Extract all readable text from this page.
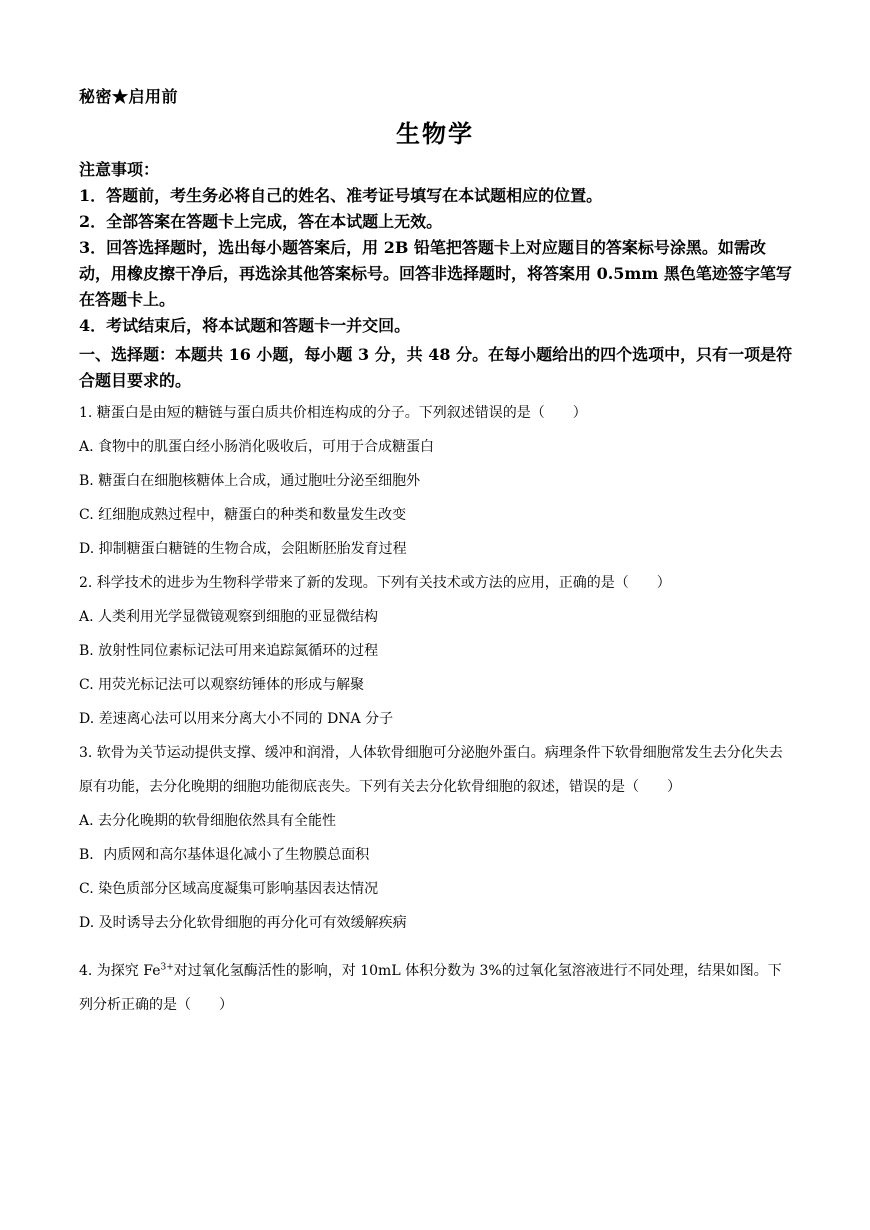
秘密★启用前
生物学

注意事项：

1．答题前，考生务必将自己的姓名、准考证号填写在本试题相应的位置。

2．全部答案在答题卡上完成，答在本试题上无效。

3．回答选择题时，选出每小题答案后，用 2B 铅笔把答题卡上对应题目的答案标号涂黑。如需改动，用橡皮擦干净后，再选涂其他答案标号。回答非选择题时，将答案用 0.5mm 黑色笔迹签字笔写在答题卡上。

4．考试结束后，将本试题和答题卡一并交回。

一、选择题：本题共 16 小题，每小题 3 分，共 48 分。在每小题给出的四个选项中，只有一项是符合题目要求的。

1. 糖蛋白是由短的糖链与蛋白质共价相连构成的分子。下列叙述错误的是（　　）

A. 食物中的肌蛋白经小肠消化吸收后，可用于合成糖蛋白

B. 糖蛋白在细胞核糖体上合成，通过胞吐分泌至细胞外

C. 红细胞成熟过程中，糖蛋白的种类和数量发生改变

D. 抑制糖蛋白糖链的生物合成，会阻断胚胎发育过程

2. 科学技术的进步为生物科学带来了新的发现。下列有关技术或方法的应用，正确的是（　　）

A. 人类利用光学显微镜观察到细胞的亚显微结构

B. 放射性同位素标记法可用来追踪氮循环的过程

C. 用荧光标记法可以观察纺锤体的形成与解聚

D. 差速离心法可以用来分离大小不同的 DNA 分子

3. 软骨为关节运动提供支撑、缓冲和润滑，人体软骨细胞可分泌胞外蛋白。病理条件下软骨细胞常发生去分化失去原有功能，去分化晚期的细胞功能彻底丧失。下列有关去分化软骨细胞的叙述，错误的是（　　）

A. 去分化晚期的软骨细胞依然具有全能性

B．内质网和高尔基体退化减小了生物膜总面积

C. 染色质部分区域高度凝集可影响基因表达情况

D. 及时诱导去分化软骨细胞的再分化可有效缓解疾病

4. 为探究 $Fe^{3+}$对过氧化氢酶活性的影响，对 10mL 体积分数为 3%的过氧化氢溶液进行不同处理，结果如图。下列分析正确的是（　　）
